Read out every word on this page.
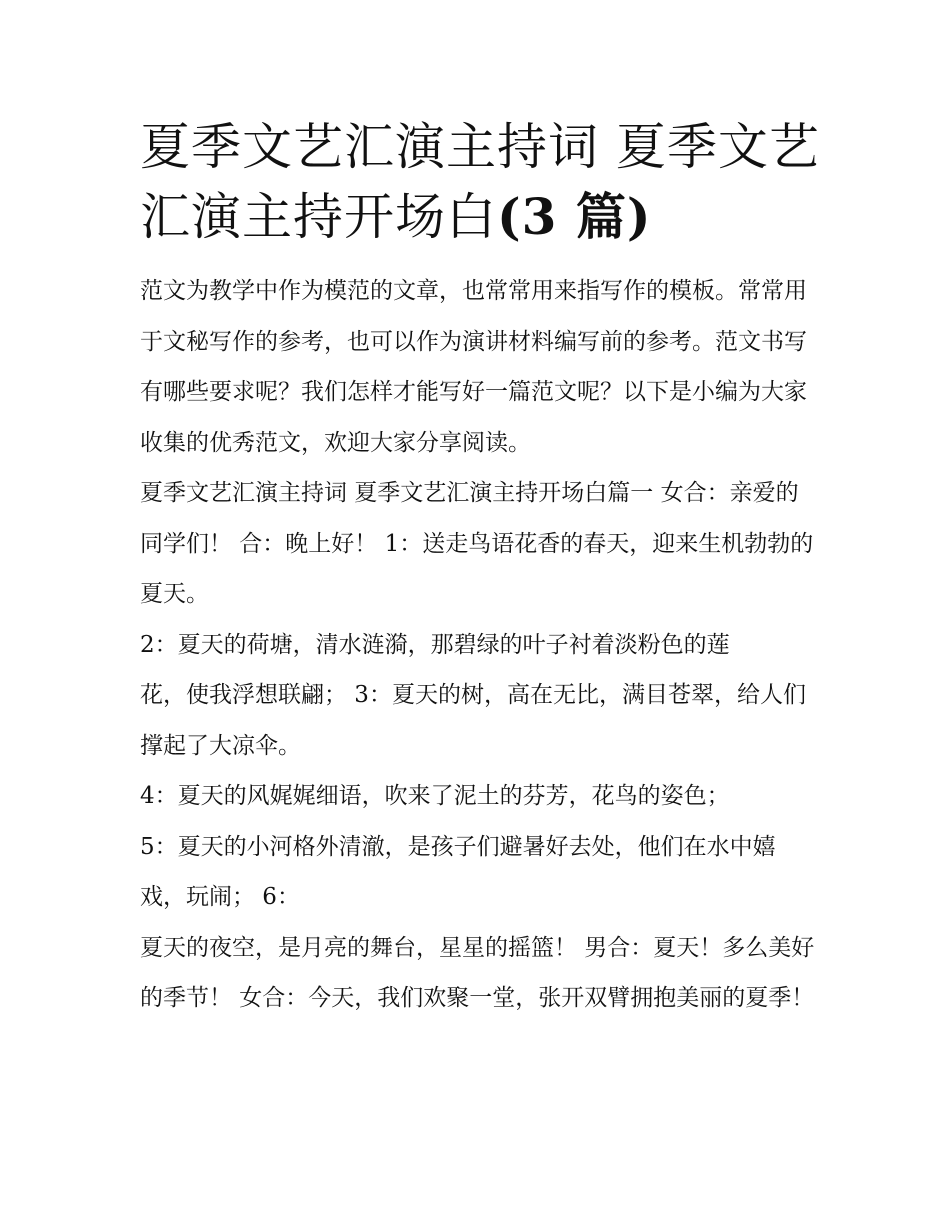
夏季文艺汇演主持词 夏季文艺汇演主持开场白(3 篇)

范文为教学中作为模范的文章，也常常用来指写作的模板。常常用于文秘写作的参考，也可以作为演讲材料编写前的参考。范文书写有哪些要求呢？我们怎样才能写好一篇范文呢？以下是小编为大家收集的优秀范文，欢迎大家分享阅读。

夏季文艺汇演主持词 夏季文艺汇演主持开场白篇一 女合：亲爱的同学们！ 合：晚上好！ 1：送走鸟语花香的春天，迎来生机勃勃的夏天。

2：夏天的荷塘，清水涟漪，那碧绿的叶子衬着淡粉色的莲

花，使我浮想联翩； 3：夏天的树，高在无比，满目苍翠，给人们撑起了大凉伞。

4：夏天的风娓娓细语，吹来了泥土的芬芳，花鸟的姿色；

5：夏天的小河格外清澈，是孩子们避暑好去处，他们在水中嬉戏，玩闹； 6：

夏天的夜空，是月亮的舞台，星星的摇篮！ 男合：夏天！多么美好的季节！ 女合：今天，我们欢聚一堂，张开双臂拥抱美丽的夏季！
